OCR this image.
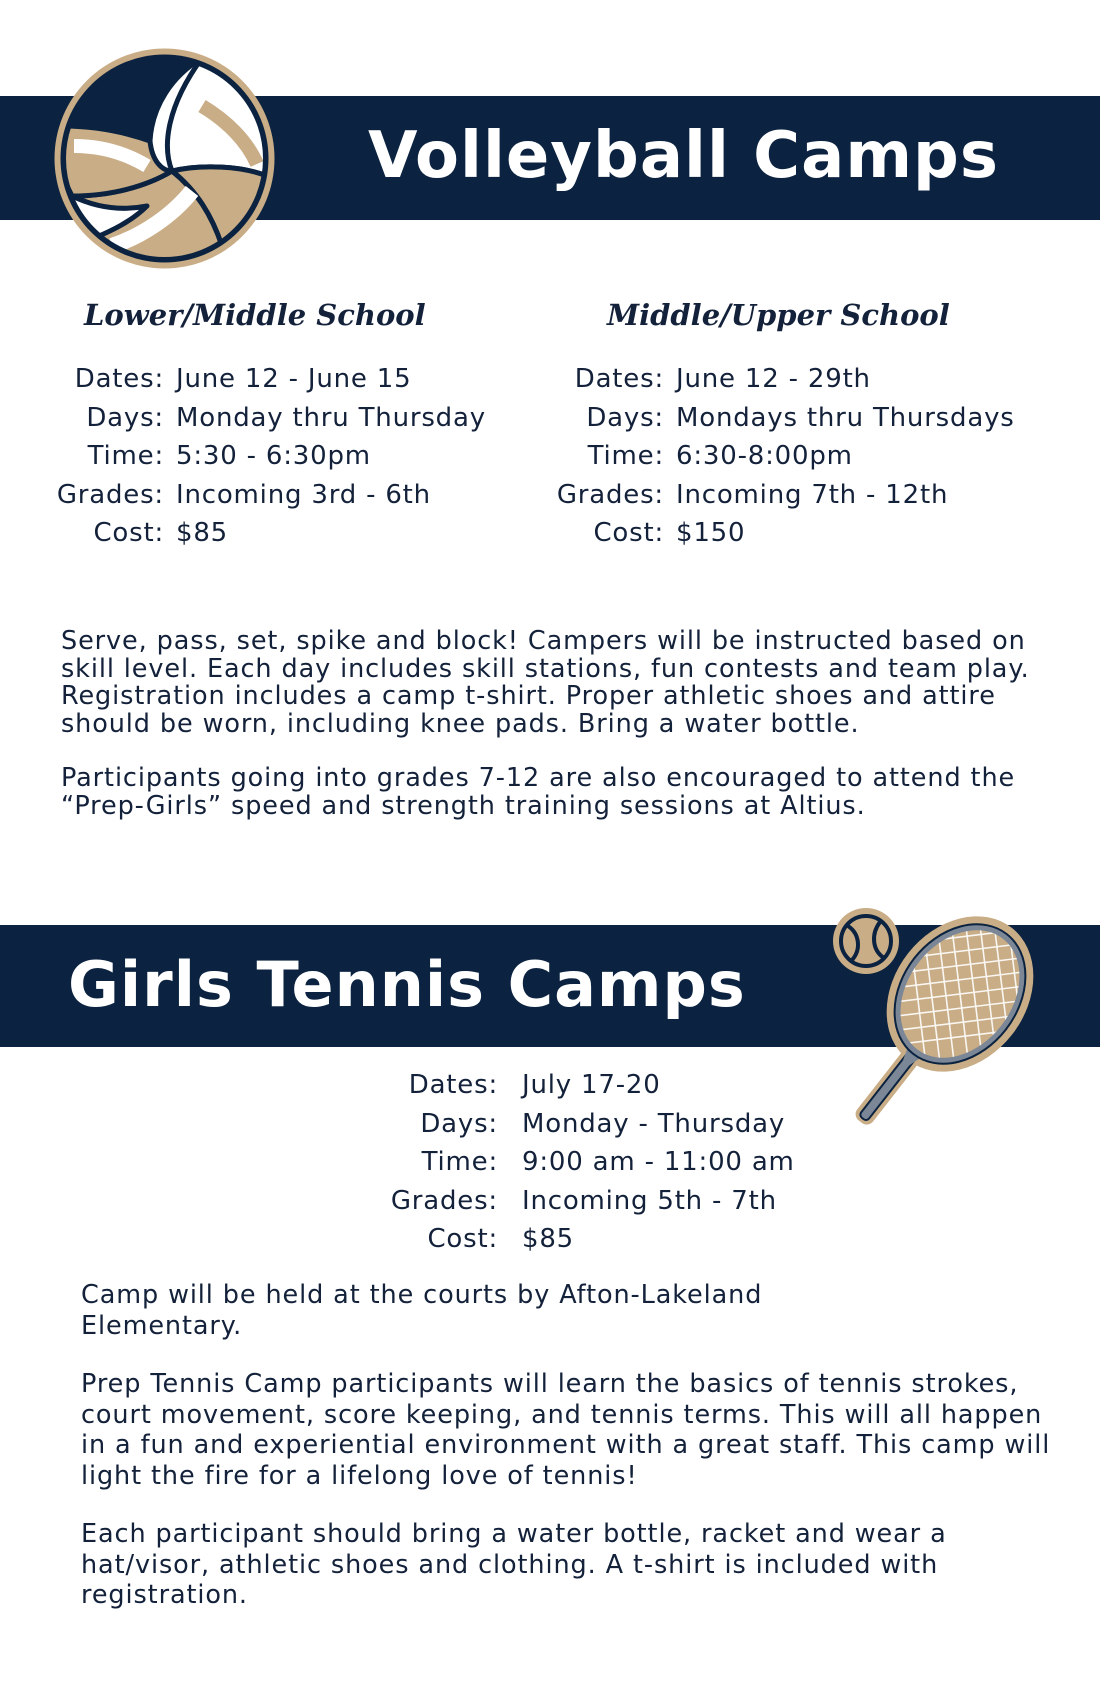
Volleyball Camps
Lower/Middle School	Middle/Upper School
Dates: June 12 - June 15
Days: Monday thru Thursday
Time: 5:30 - 6:30pm
Grades: Incoming 3rd - 6th
Cost: $85
Dates: June 12 - 29th
Days: Mondays thru Thursdays
Time: 6:30-8:00pm
Grades: Incoming 7th - 12th
Cost: $150

Serve, pass, set, spike and block! Campers will be instructed based on skill level. Each day includes skill stations, fun contests and team play. Registration includes a camp t-shirt. Proper athletic shoes and attire should be worn, including knee pads. Bring a water bottle.

Participants going into grades 7-12 are also encouraged to attend the “Prep-Girls” speed and strength training sessions at Altius.

Girls Tennis Camps
Dates: July 17-20
Days: Monday - Thursday
Time: 9:00 am - 11:00 am
Grades: Incoming 5th - 7th
Cost: $85

Camp will be held at the courts by Afton-Lakeland Elementary.

Prep Tennis Camp participants will learn the basics of tennis strokes, court movement, score keeping, and tennis terms. This will all happen in a fun and experiential environment with a great staff. This camp will light the fire for a lifelong love of tennis!

Each participant should bring a water bottle, racket and wear a hat/visor, athletic shoes and clothing. A t-shirt is included with registration.
